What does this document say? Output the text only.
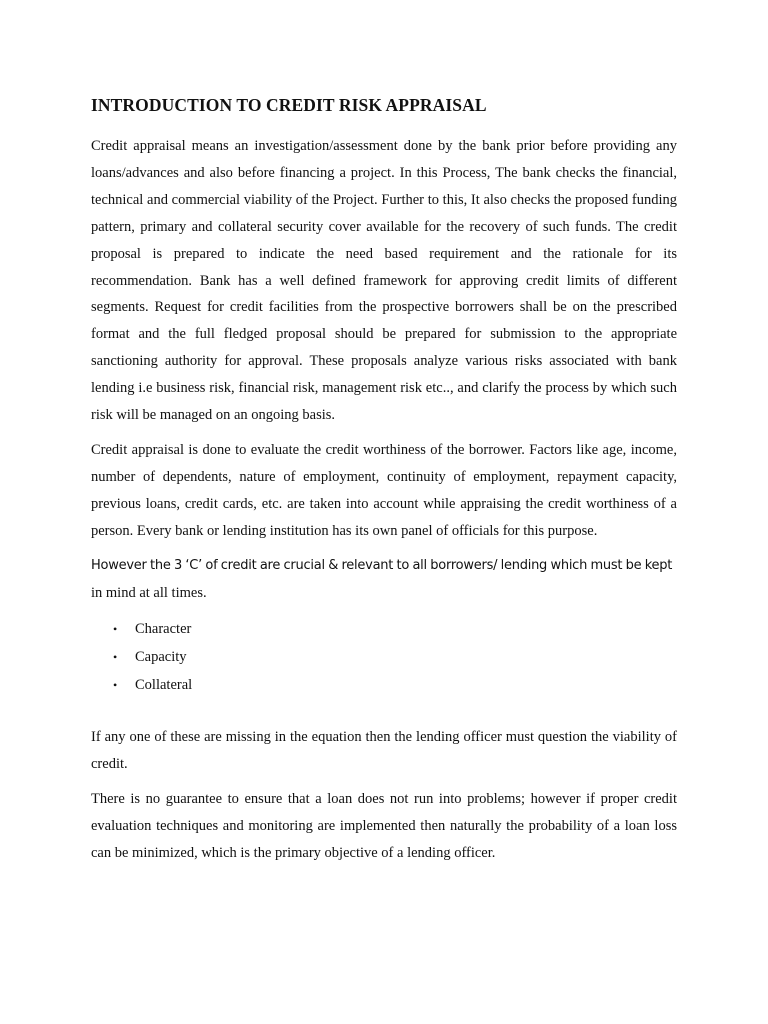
INTRODUCTION TO CREDIT RISK APPRAISAL

Credit appraisal means an investigation/assessment done by the bank prior before providing any loans/advances and also before financing a project. In this Process, The bank checks the financial, technical and commercial viability of the Project. Further to this, It also checks the proposed funding pattern, primary and collateral security cover available for the recovery of such funds. The credit proposal is prepared to indicate the need based requirement and the rationale for its recommendation. Bank has a well defined framework for approving credit limits of different segments. Request for credit facilities from the prospective borrowers shall be on the prescribed format and the full fledged proposal should be prepared for submission to the appropriate sanctioning authority for approval. These proposals analyze various risks associated with bank lending i.e business risk, financial risk, management risk etc.., and clarify the process by which such risk will be managed on an ongoing basis.

Credit appraisal is done to evaluate the credit worthiness of the borrower. Factors like age, income, number of dependents, nature of employment, continuity of employment, repayment capacity, previous loans, credit cards, etc. are taken into account while appraising the credit worthiness of a person. Every bank or lending institution has its own panel of officials for this purpose.

However the 3 ‘C’ of credit are crucial & relevant to all borrowers/ lending which must be kept
in mind at all times.

• Character
• Capacity
• Collateral

If any one of these are missing in the equation then the lending officer must question the viability of credit.

There is no guarantee to ensure that a loan does not run into problems; however if proper credit evaluation techniques and monitoring are implemented then naturally the probability of a loan loss can be minimized, which is the primary objective of a lending officer.
